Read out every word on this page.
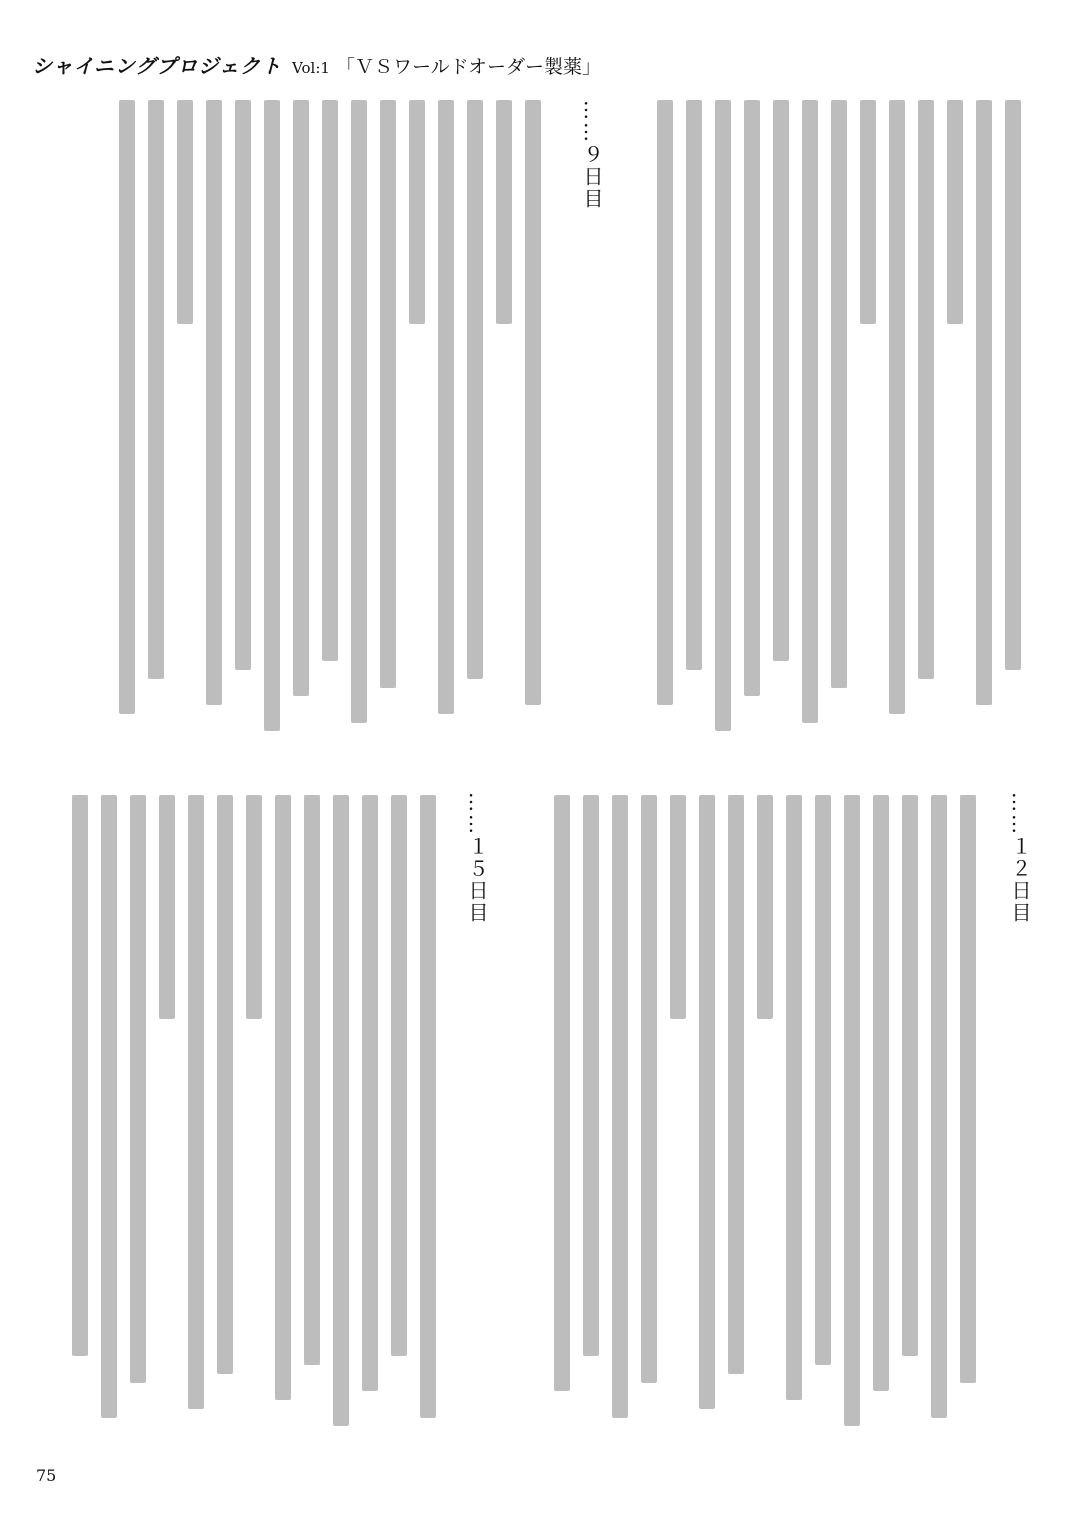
シャイニングプロジェクト Vol:1 「ＶＳワールドオーダー製薬」
……９日目
……１２日目
……１５日目
75
